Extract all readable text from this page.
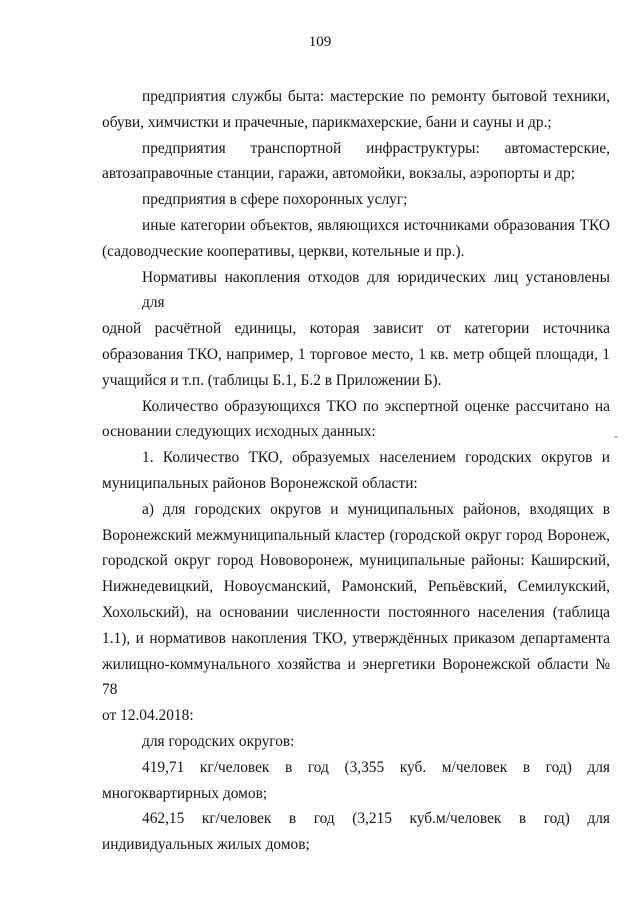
109
предприятия службы быта: мастерские по ремонту бытовой техники,
обуви, химчистки и прачечные, парикмахерские, бани и сауны и др.;
предприятия транспортной инфраструктуры: автомастерские,
автозаправочные станции, гаражи, автомойки, вокзалы, аэропорты и др;
предприятия в сфере похоронных услуг;
иные категории объектов, являющихся источниками образования ТКО
(садоводческие кооперативы, церкви, котельные и пр.).
Нормативы накопления отходов для юридических лиц установлены для
одной расчётной единицы, которая зависит от категории источника
образования ТКО, например, 1 торговое место, 1 кв. метр общей площади, 1
учащийся и т.п. (таблицы Б.1, Б.2 в Приложении Б).
Количество образующихся ТКО по экспертной оценке рассчитано на
основании следующих исходных данных:
1. Количество ТКО, образуемых населением городских округов и
муниципальных районов Воронежской области:
а) для городских округов и муниципальных районов, входящих в
Воронежский межмуниципальный кластер (городской округ город Воронеж,
городской округ город Нововоронеж, муниципальные районы: Каширский,
Нижнедевицкий, Новоусманский, Рамонский, Репьёвский, Семилукский,
Хохольский), на основании численности постоянного населения (таблица
1.1), и нормативов накопления ТКО, утверждённых приказом департамента
жилищно-коммунального хозяйства и энергетики Воронежской области № 78
от 12.04.2018:
для городских округов:
419,71 кг/человек в год (3,355 куб. м/человек в год) для
многоквартирных домов;
462,15 кг/человек в год (3,215 куб.м/человек в год) для
индивидуальных жилых домов;
-
